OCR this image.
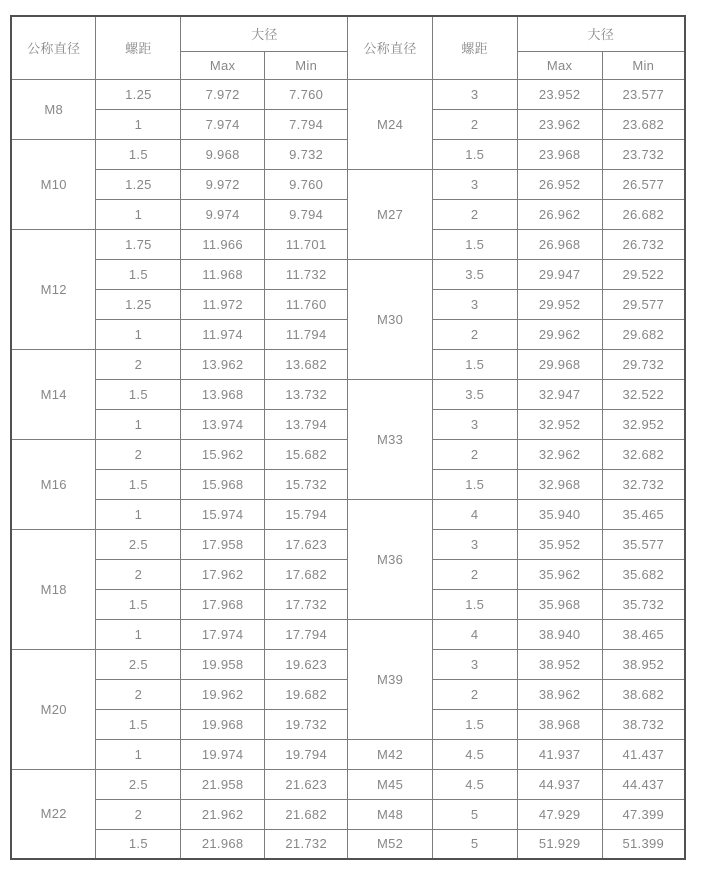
公称直径	螺距	大径		公称直径	螺距	大径	
		Max	Min			Max	Min
M8	1.25	7.972	7.760	M24	3	23.952	23.577
	1	7.974	7.794		2	23.962	23.682
M10	1.5	9.968	9.732		1.5	23.968	23.732
	1.25	9.972	9.760	M27	3	26.952	26.577
	1	9.974	9.794		2	26.962	26.682
M12	1.75	11.966	11.701		1.5	26.968	26.732
	1.5	11.968	11.732	M30	3.5	29.947	29.522
	1.25	11.972	11.760		3	29.952	29.577
	1	11.974	11.794		2	29.962	29.682
M14	2	13.962	13.682		1.5	29.968	29.732
	1.5	13.968	13.732	M33	3.5	32.947	32.522
	1	13.974	13.794		3	32.952	32.952
M16	2	15.962	15.682		2	32.962	32.682
	1.5	15.968	15.732		1.5	32.968	32.732
	1	15.974	15.794	M36	4	35.940	35.465
M18	2.5	17.958	17.623		3	35.952	35.577
	2	17.962	17.682		2	35.962	35.682
	1.5	17.968	17.732		1.5	35.968	35.732
	1	17.974	17.794	M39	4	38.940	38.465
M20	2.5	19.958	19.623		3	38.952	38.952
	2	19.962	19.682		2	38.962	38.682
	1.5	19.968	19.732		1.5	38.968	38.732
	1	19.974	19.794	M42	4.5	41.937	41.437
M22	2.5	21.958	21.623	M45	4.5	44.937	44.437
	2	21.962	21.682	M48	5	47.929	47.399
	1.5	21.968	21.732	M52	5	51.929	51.399
